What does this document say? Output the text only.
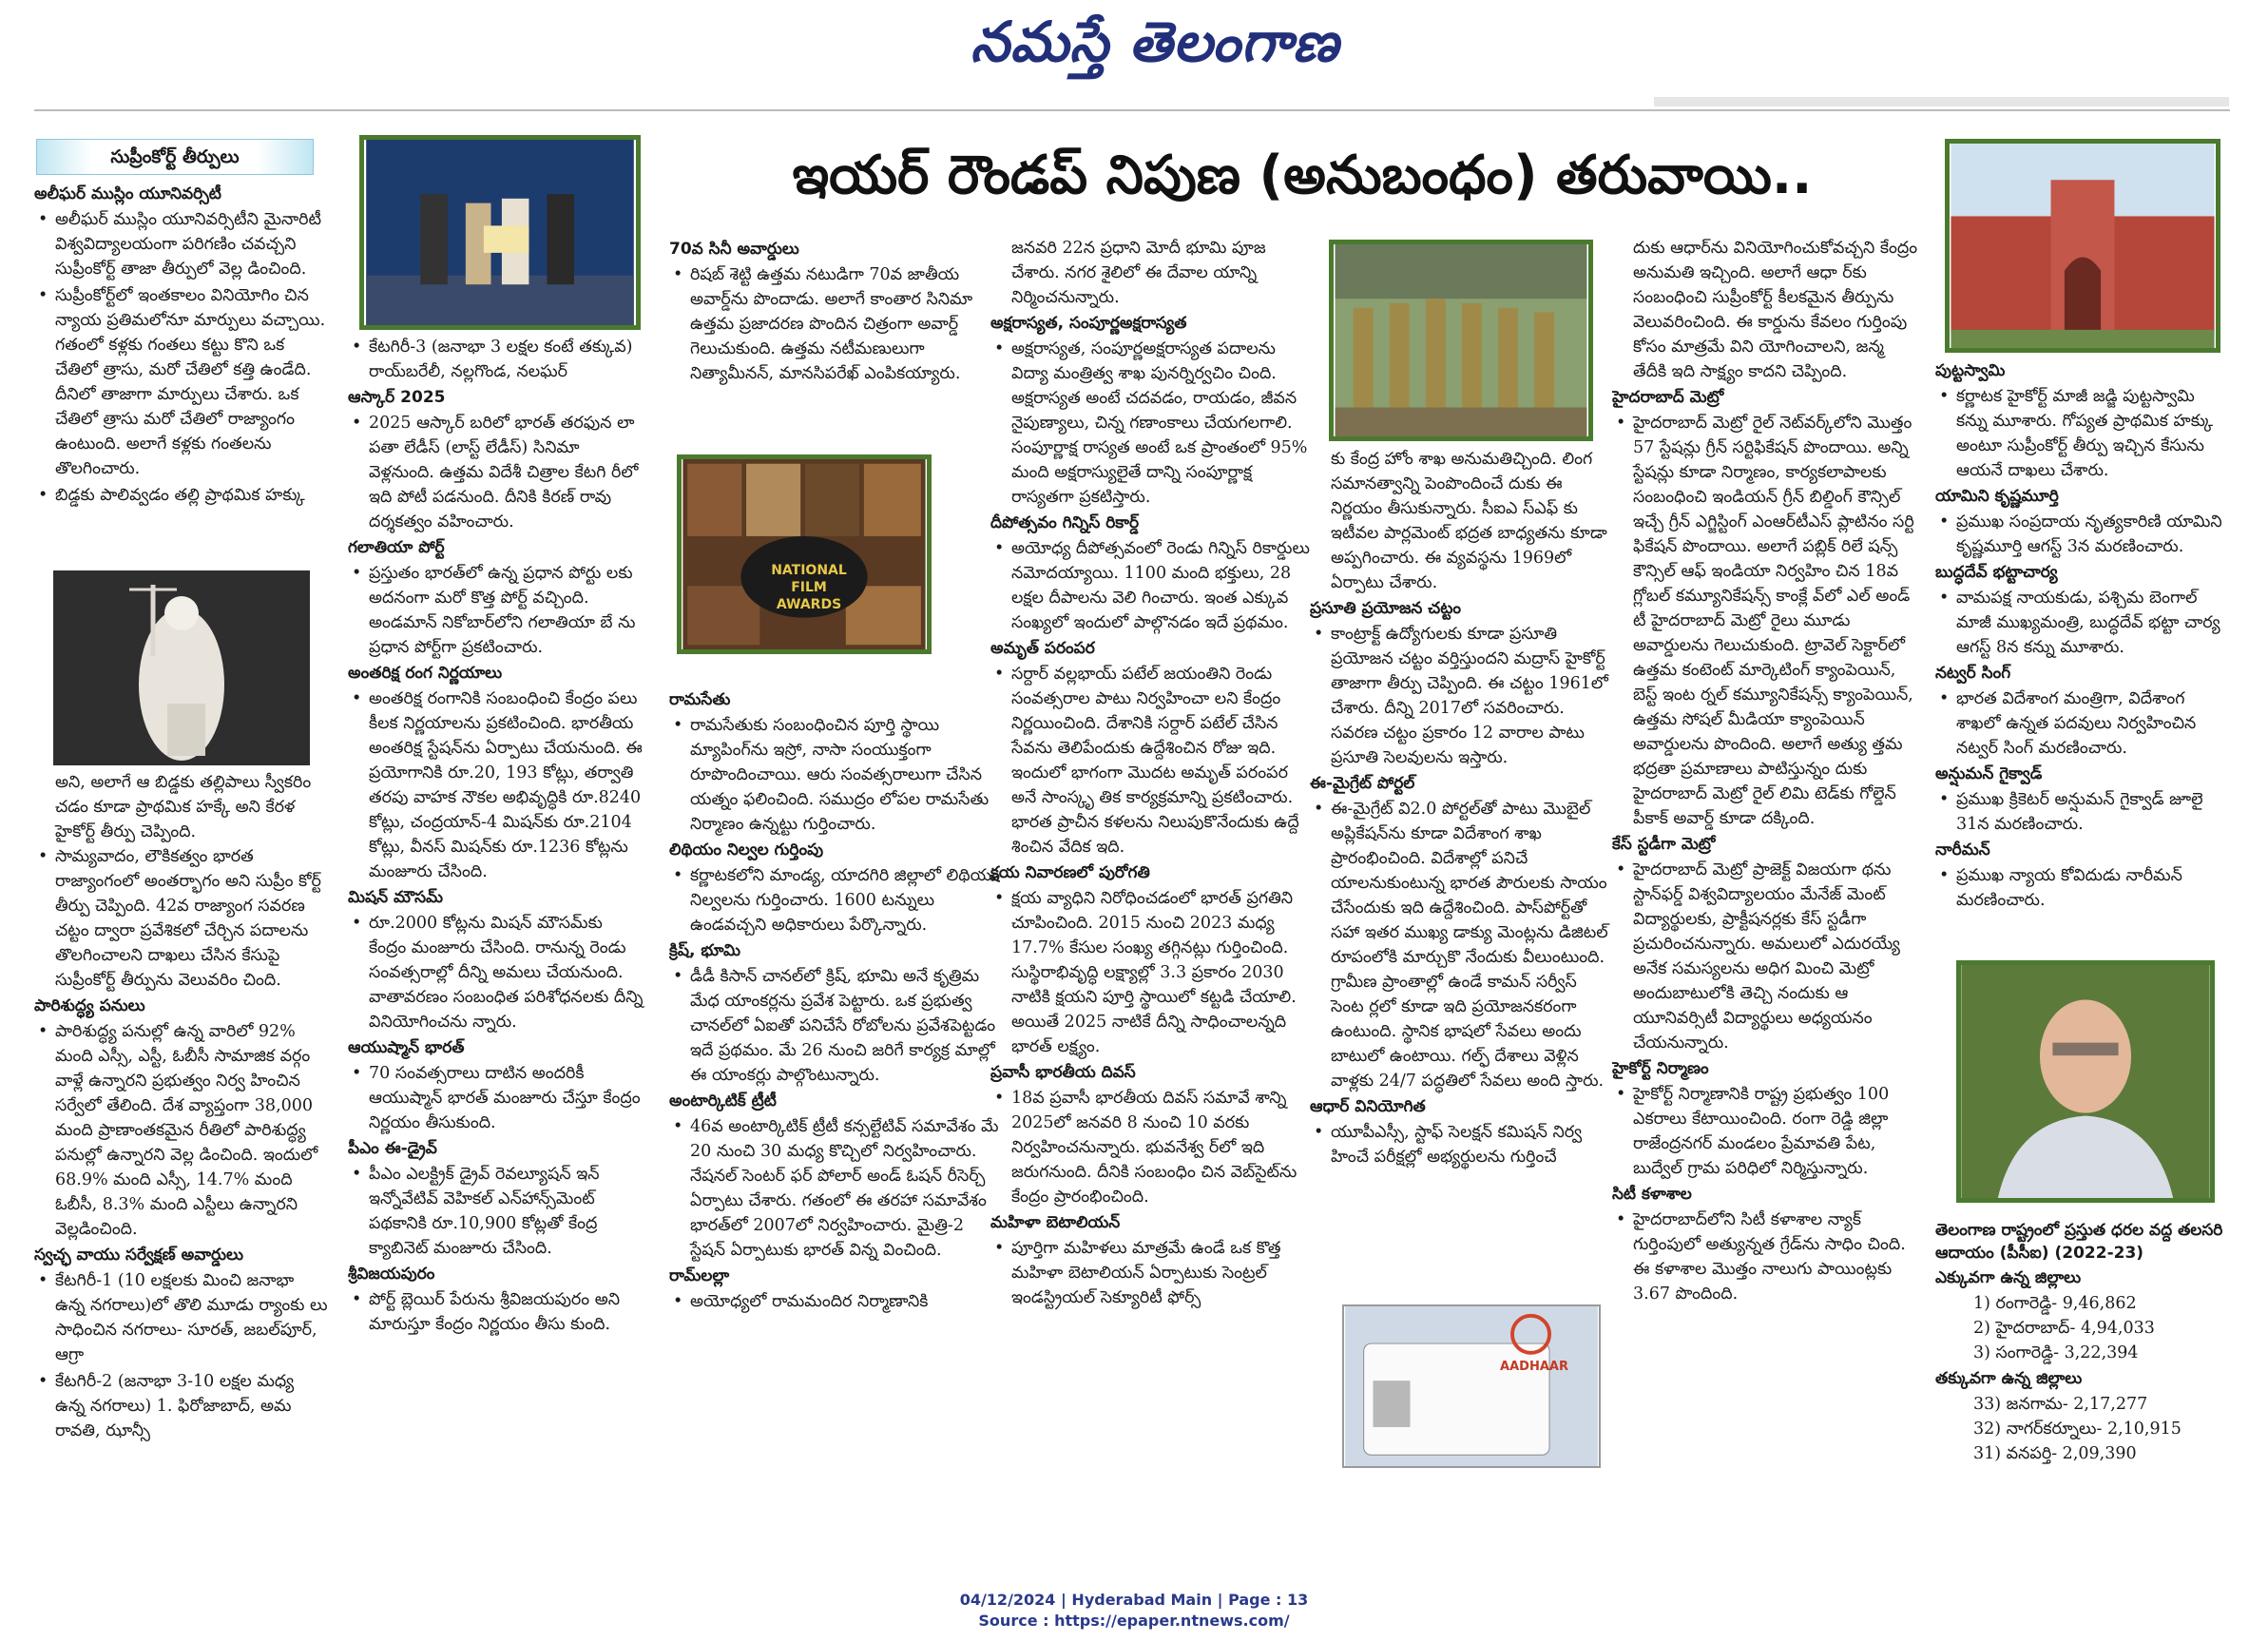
నమస్తే తెలంగాణ
ఇయర్ రౌండప్ నిపుణ (అనుబంధం) తరువాయి..
సుప్రీంకోర్ట్ తీర్పులు
అలీఘర్ ముస్లిం యూనివర్సిటీ
• అలీఘర్ ముస్లిం యూనివర్సిటీని మైనారిటీ విశ్వవిద్యాలయంగా పరిగణిం చవచ్చని సుప్రీంకోర్ట్ తాజా తీర్పులో వెల్ల డించింది.
• సుప్రీంకోర్ట్‌లో ఇంతకాలం వినియోగిం చిన న్యాయ ప్రతిమలోనూ మార్పులు వచ్చాయి. గతంలో కళ్లకు గంతలు కట్టు కొని ఒక చేతిలో త్రాసు, మరో చేతిలో కత్తి ఉండేది. దీనిలో తాజాగా మార్పులు చేశారు. ఒక చేతిలో త్రాసు మరో చేతిలో రాజ్యాంగం ఉంటుంది. అలాగే కళ్లకు గంతలను తొలగించారు.
• బిడ్డకు పాలివ్వడం తల్లి ప్రాథమిక హక్కు

అని, అలాగే ఆ బిడ్డకు తల్లిపాలు స్వీకరిం చడం కూడా ప్రాథమిక హక్కే అని కేరళ హైకోర్ట్ తీర్పు చెప్పింది.

• సామ్యవాదం, లౌకికత్వం భారత రాజ్యాంగంలో అంతర్భాగం అని సుప్రీం కోర్ట్ తీర్పు చెప్పింది. 42వ రాజ్యాంగ సవరణ చట్టం ద్వారా ప్రవేశికలో చేర్చిన పదాలను తొలగించాలని దాఖలు చేసిన కేసుపై సుప్రీంకోర్ట్ తీర్పును వెలువరిం చింది.
పారిశుద్ధ్య పనులు
• పారిశుద్ధ్య పనుల్లో ఉన్న వారిలో 92% మంది ఎస్సీ, ఎస్టీ, ఓబీసీ సామాజిక వర్గం వాళ్లే ఉన్నారని ప్రభుత్వం నిర్వ హించిన సర్వేలో తేలింది. దేశ వ్యాప్తంగా 38,000 మంది ప్రాణాంతకమైన రీతిలో పారిశుద్ధ్య పనుల్లో ఉన్నారని వెల్ల డించింది. ఇందులో 68.9% మంది ఎస్సీ, 14.7% మంది ఓబీసీ, 8.3% మంది ఎస్టీలు ఉన్నారని వెల్లడించింది.
స్వచ్ఛ వాయు సర్వేక్షణ్ అవార్డులు
• కేటగిరీ-1 (10 లక్షలకు మించి జనాభా ఉన్న నగరాలు)లో తొలి మూడు ర్యాంకు లు సాధించిన నగరాలు- సూరత్, జబల్‌పూర్, ఆగ్రా
• కేటగిరీ-2 (జనాభా 3-10 లక్షల మధ్య ఉన్న నగరాలు) 1. ఫిరోజాబాద్, అమ రావతి, ఝాన్సీ
• కేటగిరీ-3 (జనాభా 3 లక్షల కంటే తక్కువ) రాయ్‌బరేలీ, నల్లగొండ, నలఘర్
ఆస్కార్ 2025
• 2025 ఆస్కార్ బరిలో భారత్ తరఫున లా పతా లేడీస్ (లాస్ట్ లేడీస్) సినిమా వెళ్లనుంది. ఉత్తమ విదేశీ చిత్రాల కేటగి రీలో ఇది పోటీ పడనుంది. దీనికి కిరణ్ రావు దర్శకత్వం వహించారు.
గలాతియా పోర్ట్
• ప్రస్తుతం భారత్‌లో ఉన్న ప్రధాన పోర్టు లకు అదనంగా మరో కొత్త పోర్ట్ వచ్చింది. అండమాన్ నికోబార్‌లోని గలాతియా బే ను ప్రధాన పోర్ట్‌గా ప్రకటించారు.
అంతరిక్ష రంగ నిర్ణయాలు
• అంతరిక్ష రంగానికి సంబంధించి కేంద్రం పలు కీలక నిర్ణయాలను ప్రకటించింది. భారతీయ అంతరిక్ష స్టేషన్‌ను ఏర్పాటు చేయనుంది. ఈ ప్రయోగానికి రూ.20, 193 కోట్లు, తర్వాతి తరపు వాహక నౌకల అభివృద్ధికి రూ.8240 కోట్లు, చంద్రయాన్-4 మిషన్‌కు రూ.2104 కోట్లు, వీనస్ మిషన్‌కు రూ.1236 కోట్లను మంజూరు చేసింది.
మిషన్ మౌసమ్
• రూ.2000 కోట్లను మిషన్ మౌసమ్‌కు కేంద్రం మంజూరు చేసింది. రానున్న రెండు సంవత్సరాల్లో దీన్ని అమలు చేయనుంది. వాతావరణం సంబంధిత పరిశోధనలకు దీన్ని వినియోగించను న్నారు.
ఆయుష్మాన్ భారత్
• 70 సంవత్సరాలు దాటిన అందరికీ ఆయుష్మాన్ భారత్ మంజూరు చేస్తూ కేంద్రం నిర్ణయం తీసుకుంది.
పీఎం ఈ-డ్రైవ్
• పీఎం ఎలక్ట్రిక్ డ్రైవ్ రెవల్యూషన్ ఇన్ ఇన్నోవేటివ్ వెహికల్ ఎన్‌హాన్స్‌మెంట్ పథకానికి రూ.10,900 కోట్లతో కేంద్ర క్యాబినెట్ మంజూరు చేసింది.
శ్రీవిజయపురం
• పోర్ట్ బ్లెయిర్ పేరును శ్రీవిజయపురం అని మారుస్తూ కేంద్రం నిర్ణయం తీసు కుంది.
70వ సినీ అవార్డులు
• రిషబ్ శెట్టి ఉత్తమ నటుడిగా 70వ జాతీయ అవార్డ్‌ను పొందాడు. అలాగే కాంతార సినిమా ఉత్తమ ప్రజాదరణ పొందిన చిత్రంగా అవార్డ్ గెలుచుకుంది. ఉత్తమ నటీమణులుగా నిత్యామీనన్, మానసిపరేఖ్ ఎంపికయ్యారు.
NATIONAL FILM AWARDS
రామసేతు
• రామసేతుకు సంబంధించిన పూర్తి స్థాయి మ్యాపింగ్‌ను ఇస్రో, నాసా సంయుక్తంగా రూపొందించాయి. ఆరు సంవత్సరాలుగా చేసిన యత్నం ఫలించింది. సముద్రం లోపల రామసేతు నిర్మాణం ఉన్నట్టు గుర్తించారు.
లిథియం నిల్వల గుర్తింపు
• కర్ణాటకలోని మాండ్య, యాదగిరి జిల్లాలో లిథియం నిల్వలను గుర్తించారు. 1600 టన్నులు ఉండవచ్చని అధికారులు పేర్కొన్నారు.
క్రిష్, భూమి
• డీడీ కిసాన్ చానల్‌లో క్రిష్, భూమి అనే కృత్రిమ మేధ యాంకర్లను ప్రవేశ పెట్టారు. ఒక ప్రభుత్వ చానల్‌లో ఏఐతో పనిచేసే రోబోలను ప్రవేశపెట్టడం ఇదే ప్రథమం. మే 26 నుంచి జరిగే కార్యక్ర మాల్లో ఈ యాంకర్లు పాల్గొంటున్నారు.
అంటార్కిటిక్ ట్రీటీ
• 46వ అంటార్కిటిక్ ట్రీటీ కన్సల్టేటివ్ సమావేశం మే 20 నుంచి 30 మధ్య కొచ్చిలో నిర్వహించారు. నేషనల్ సెంటర్ ఫర్ పోలార్ అండ్ ఓషన్ రీసెర్చ్ ఏర్పాటు చేశారు. గతంలో ఈ తరహా సమావేశం భారత్‌లో 2007లో నిర్వహించారు. మైత్రి-2 స్టేషన్ ఏర్పాటుకు భారత్ విన్న వించింది.
రామ్‌లల్లా
• అయోధ్యలో రామమందిర నిర్మాణానికి

జనవరి 22న ప్రధాని మోదీ భూమి పూజ చేశారు. నగర శైలిలో ఈ దేవాల యాన్ని నిర్మించనున్నారు.

అక్షరాస్యత, సంపూర్ణఅక్షరాస్యత
• అక్షరాస్యత, సంపూర్ణఅక్షరాస్యత పదాలను విద్యా మంత్రిత్వ శాఖ పునర్నిర్వచిం చింది. అక్షరాస్యత అంటే చదవడం, రాయడం, జీవన నైపుణ్యాలు, చిన్న గణాంకాలు చేయగలగాలి. సంపూర్ణాక్ష రాస్యత అంటే ఒక ప్రాంతంలో 95% మంది అక్షరాస్యులైతే దాన్ని సంపూర్ణాక్ష రాస్యతగా ప్రకటిస్తారు.
దీపోత్సవం గిన్నిస్ రికార్డ్
• అయోధ్య దీపోత్సవంలో రెండు గిన్నిస్ రికార్డులు నమోదయ్యాయి. 1100 మంది భక్తులు, 28 లక్షల దీపాలను వెలి గించారు. ఇంత ఎక్కువ సంఖ్యలో ఇందులో పాల్గొనడం ఇదే ప్రథమం.
అమృత్ పరంపర
• సర్దార్ వల్లభాయ్ పటేల్ జయంతిని రెండు సంవత్సరాల పాటు నిర్వహించా లని కేంద్రం నిర్ణయించింది. దేశానికి సర్దార్ పటేల్ చేసిన సేవను తెలిపేందుకు ఉద్దేశించిన రోజు ఇది. ఇందులో భాగంగా మొదట అమృత్ పరంపర అనే సాంస్కృ తిక కార్యక్రమాన్ని ప్రకటించారు. భారత ప్రాచీన కళలను నిలుపుకొనేందుకు ఉద్దే శించిన వేదిక ఇది.
క్షయ నివారణలో పురోగతి
• క్షయ వ్యాధిని నిరోధించడంలో భారత్ ప్రగతిని చూపించింది. 2015 నుంచి 2023 మధ్య 17.7% కేసుల సంఖ్య తగ్గినట్లు గుర్తించింది. సుస్థిరాభివృద్ధి లక్ష్యాల్లో 3.3 ప్రకారం 2030 నాటికి క్షయని పూర్తి స్థాయిలో కట్టడి చేయాలి. అయితే 2025 నాటికే దీన్ని సాధించాలన్నది భారత్ లక్ష్యం.
ప్రవాసీ భారతీయ దివస్
• 18వ ప్రవాసీ భారతీయ దివస్ సమావే శాన్ని 2025లో జనవరి 8 నుంచి 10 వరకు నిర్వహించనున్నారు. భువనేశ్వ ర్‌లో ఇది జరుగనుంది. దీనికి సంబంధిం చిన వెబ్‌సైట్‌ను కేంద్రం ప్రారంభించింది.
మహిళా బెటాలియన్
• పూర్తిగా మహిళలు మాత్రమే ఉండే ఒక కొత్త మహిళా బెటాలియన్ ఏర్పాటుకు సెంట్రల్ ఇండస్ట్రియల్ సెక్యూరిటీ ఫోర్స్

కు కేంద్ర హోం శాఖ అనుమతిచ్చింది. లింగ సమానత్వాన్ని పెంపొందించే దుకు ఈ నిర్ణయం తీసుకున్నారు. సీఐఎ స్ఎఫ్ కు ఇటీవల పార్లమెంట్ భద్రత బాధ్యతను కూడా అప్పగించారు. ఈ వ్యవస్థను 1969లో ఏర్పాటు చేశారు.

ప్రసూతి ప్రయోజన చట్టం
• కాంట్రాక్ట్ ఉద్యోగులకు కూడా ప్రసూతి ప్రయోజన చట్టం వర్తిస్తుందని మద్రాస్ హైకోర్ట్ తాజాగా తీర్పు చెప్పింది. ఈ చట్టం 1961లో చేశారు. దీన్ని 2017లో సవరించారు. సవరణ చట్టం ప్రకారం 12 వారాల పాటు ప్రసూతి సెలవులను ఇస్తారు.
ఈ-మైగ్రేట్ పోర్టల్
• ఈ-మైగ్రేట్ వి2.0 పోర్టల్‌తో పాటు మొబైల్ అప్లికేషన్‌ను కూడా విదేశాంగ శాఖ ప్రారంభించింది. విదేశాల్లో పనిచే యాలనుకుంటున్న భారత పౌరులకు సాయం చేసేందుకు ఇది ఉద్దేశించింది. పాస్‌పోర్ట్‌తో సహా ఇతర ముఖ్య డాక్యు మెంట్లను డిజిటల్ రూపంలోకి మార్చుకొ నేందుకు వీలుంటుంది. గ్రామీణ ప్రాంతాల్లో ఉండే కామన్ సర్వీస్ సెంట ర్లలో కూడా ఇది ప్రయోజనకరంగా ఉంటుంది. స్థానిక భాషలో సేవలు అందు బాటులో ఉంటాయి. గల్ఫ్ దేశాలు వెళ్లిన వాళ్లకు 24/7 పద్ధతిలో సేవలు అంది స్తారు.
ఆధార్ వినియోగిత
• యూపీఎస్సీ, స్టాఫ్ సెలక్షన్ కమిషన్ నిర్వ హించే పరీక్షల్లో అభ్యర్థులను గుర్తించే
AADHAAR

దుకు ఆధార్‌ను వినియోగించుకోవచ్చని కేంద్రం అనుమతి ఇచ్చింది. అలాగే ఆధా ర్‌కు సంబంధించి సుప్రీంకోర్ట్ కీలకమైన తీర్పును వెలువరించింది. ఈ కార్డును కేవలం గుర్తింపు కోసం మాత్రమే విని యోగించాలని, జన్మ తేదీకి ఇది సాక్ష్యం కాదని చెప్పింది.

హైదరాబాద్ మెట్రో
• హైదరాబాద్ మెట్రో రైల్ నెట్‌వర్క్‌లోని మొత్తం 57 స్టేషన్లు గ్రీన్ సర్టిఫికేషన్ పొందాయి. అన్ని స్టేషన్లు కూడా నిర్మాణం, కార్యకలాపాలకు సంబంధించి ఇండియన్ గ్రీన్ బిల్డింగ్ కౌన్సిల్ ఇచ్చే గ్రీన్ ఎగ్జిస్టింగ్ ఎంఆర్‌టీఎస్ ప్లాటినం సర్టి ఫికేషన్ పొందాయి. అలాగే పబ్లిక్ రిలే షన్స్ కౌన్సిల్ ఆఫ్ ఇండియా నిర్వహిం చిన 18వ గ్లోబల్ కమ్యూనికేషన్స్ కాంక్లే వ్‌లో ఎల్ అండ్ టీ హైదరాబాద్ మెట్రో రైలు మూడు అవార్డులను గెలుచుకుంది. ట్రావెల్ సెక్టార్‌లో ఉత్తమ కంటెంట్ మార్కెటింగ్ క్యాంపెయిన్, బెస్ట్ ఇంట ర్నల్ కమ్యూనికేషన్స్ క్యాంపెయిన్, ఉత్తమ సోషల్ మీడియా క్యాంపెయిన్ అవార్డులను పొందింది. అలాగే అత్యు త్తమ భద్రతా ప్రమాణాలు పాటిస్తున్నం దుకు హైదరాబాద్ మెట్రో రైల్ లిమి టెడ్‌కు గోల్డెన్ పీకాక్ అవార్డ్ కూడా దక్కింది.
కేస్ స్టడీగా మెట్రో
• హైదరాబాద్ మెట్రో ప్రాజెక్ట్ విజయగా థను స్టాన్‌ఫర్డ్ విశ్వవిద్యాలయం మేనేజ్ మెంట్ విద్యార్థులకు, ప్రాక్టీషనర్లకు కేస్ స్టడీగా ప్రచురించనున్నారు. అమలులో ఎదురయ్యే అనేక సమస్యలను అధిగ మించి మెట్రో అందుబాటులోకి తెచ్చి నందుకు ఆ యూనివర్సిటీ విద్యార్థులు అధ్యయనం చేయనున్నారు.
హైకోర్ట్ నిర్మాణం
• హైకోర్ట్ నిర్మాణానికి రాష్ట్ర ప్రభుత్వం 100 ఎకరాలు కేటాయించింది. రంగా రెడ్డి జిల్లా రాజేంద్రనగర్ మండలం ప్రేమావతి పేట, బుద్వేల్ గ్రామ పరిధిలో నిర్మిస్తున్నారు.
సిటీ కళాశాల
• హైదరాబాద్‌లోని సిటీ కళాశాల న్యాక్ గుర్తింపులో అత్యున్నత గ్రేడ్‌ను సాధిం చింది. ఈ కళాశాల మొత్తం నాలుగు పాయింట్లకు 3.67 పొందింది.
పుట్టస్వామి
• కర్ణాటక హైకోర్ట్ మాజీ జడ్జి పుట్టస్వామి కన్ను మూశారు. గోప్యత ప్రాథమిక హక్కు అంటూ సుప్రీంకోర్ట్ తీర్పు ఇచ్చిన కేసును ఆయనే దాఖలు చేశారు.
యామిని కృష్ణమూర్తి
• ప్రముఖ సంప్రదాయ నృత్యకారిణి యామిని కృష్ణమూర్తి ఆగస్ట్ 3న మరణించారు.
బుద్ధదేవ్ భట్టాచార్య
• వామపక్ష నాయకుడు, పశ్చిమ బెంగాల్ మాజీ ముఖ్యమంత్రి, బుద్ధదేవ్ భట్టా చార్య ఆగస్ట్ 8న కన్ను మూశారు.
నట్వర్ సింగ్
• భారత విదేశాంగ మంత్రిగా, విదేశాంగ శాఖలో ఉన్నత పదవులు నిర్వహించిన నట్వర్ సింగ్ మరణించారు.
అన్షుమన్ గైక్వాడ్
• ప్రముఖ క్రికెటర్ అన్షుమన్ గైక్వాడ్ జూలై 31న మరణించారు.
నారీమన్
• ప్రముఖ న్యాయ కోవిదుడు నారీమన్ మరణించారు.
తెలంగాణ రాష్ట్రంలో ప్రస్తుత ధరల వద్ద తలసరి ఆదాయం (పీసీఐ) (2022-23)
ఎక్కువగా ఉన్న జిల్లాలు

1) రంగారెడ్డి- 9,46,862

2) హైదరాబాద్- 4,94,033

3) సంగారెడ్డి- 3,22,394

తక్కువగా ఉన్న జిల్లాలు

33) జనగామ- 2,17,277

32) నాగర్‌కర్నూలు- 2,10,915

31) వనపర్తి- 2,09,390

04/12/2024 | Hyderabad Main | Page : 13
Source : https://epaper.ntnews.com/
